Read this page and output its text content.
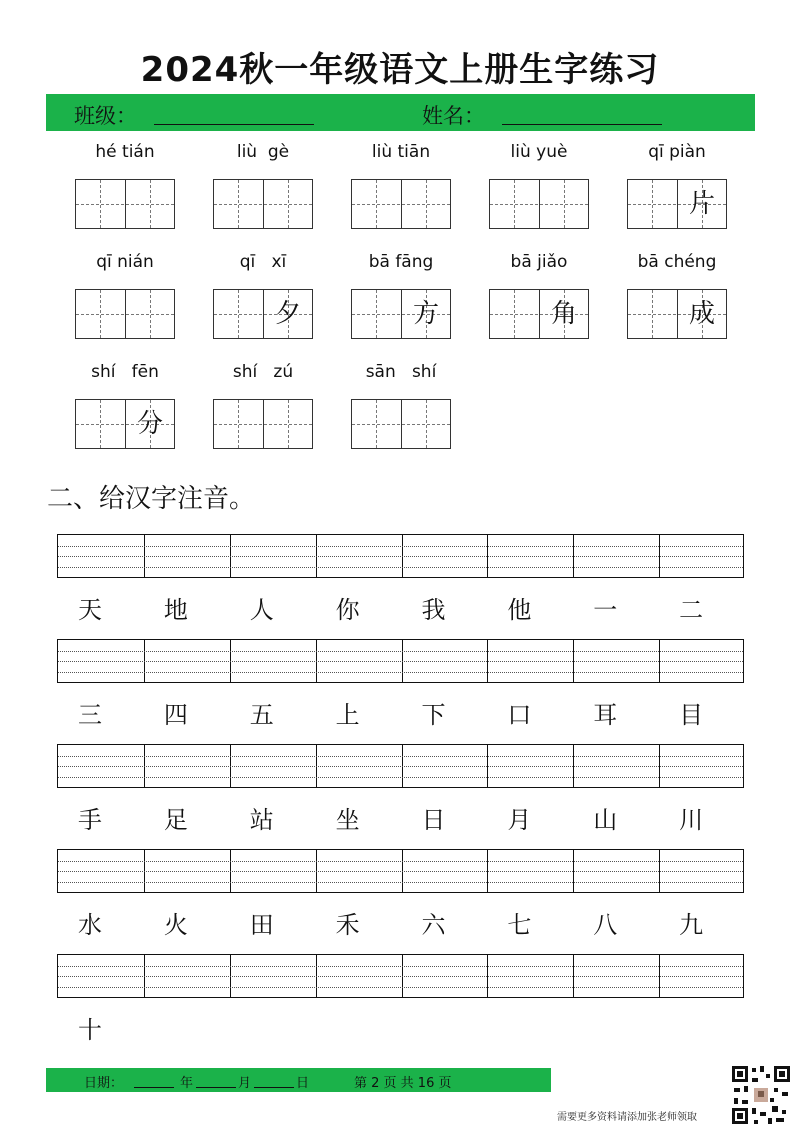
2024秋一年级语文上册生字练习
班级：	姓名：
hé tián	liù  gè	liù tiān	liù yuè	qī piàn
片
qī nián	qī   xī
夕
bā fāng
方
bā jiǎo
角
bā chéng
成
shí   fēn
分
shí   zú	sān   shí
二、给汉字注音。
天	地	人	你	我	他	一	二
三	四	五	上	下	口	耳	目
手	足	站	坐	日	月	山	川
水	火	田	禾	六	七	八	九
十
日期：	年	月	日	第 2 页 共 16 页
需要更多资料请添加张老师领取
